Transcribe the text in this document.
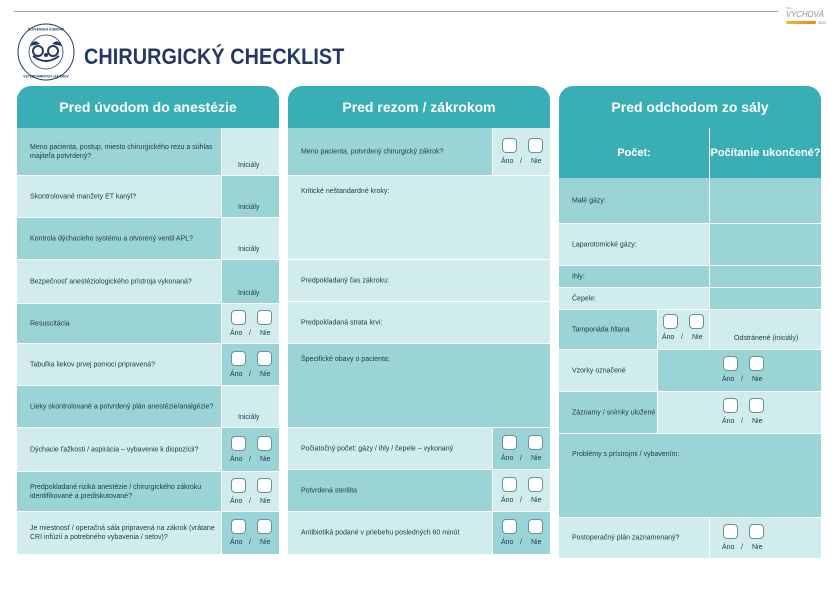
Mars
VÝCHOVÁ
2023
SLOVENSKÁ KOMORA
VETERINÁRNYCH LEKÁROV
CHIRURGICKÝ CHECKLIST
Pred úvodom do anestézie
Meno pacienta, postup, miesto chirurgického rezu a súhlas majiteľa potvrdený?
Iniciály
Skontrolované manžety ET kanýl?
Iniciály
Kontrola dýchacieho systému a otvorený ventil APL?
Iniciály
Bezpečnosť anestéziologického prístroja vykonaná?
Iniciály
Resuscitácia
Áno / Nie
Tabuľka liekov prvej pomoci pripravená?
Áno / Nie
Lieky skontrolované a potvrdený plán anestézie/analgézie?
Iniciály
Dýchacie ťažkosti / aspirácia – vybavenie k dispozícii?
Áno / Nie
Predpokladané riziká anestézie / chirurgického zákroku identifikované a prediskutované?
Áno / Nie
Je miestnosť / operačná sála pripravená na zákrok (vrátane CRI infúzií a potrebného vybavenia / setov)?
Áno / Nie
Pred rezom / zákrokom
Meno pacienta, potvrdený chirurgický zákrok?
Áno / Nie
Kritické neštandardné kroky:
Predpokladaný čas zákroku:
Predpokladaná strata krvi:
Špecifické obavy o pacienta:
Počiatočný počet: gázy / ihly / čepele – vykonaný
Áno / Nie
Potvrdená sterilita
Áno / Nie
Antibiotiká podané v priebehu posledných 60 minút
Áno / Nie
Pred odchodom zo sály
Počet:	Počítanie ukončené?
Malé gázy:
Laparotomické gázy:
Ihly:
Čepele:
Tamponáda hltana
Áno / Nie	Odstránené (iniciály)
Vzorky označené
Áno / Nie
Záznamy / snímky uložené
Áno / Nie
Problémy s prístrojmi / vybavením:
Postoperačný plán zaznamenaný?
Áno / Nie
